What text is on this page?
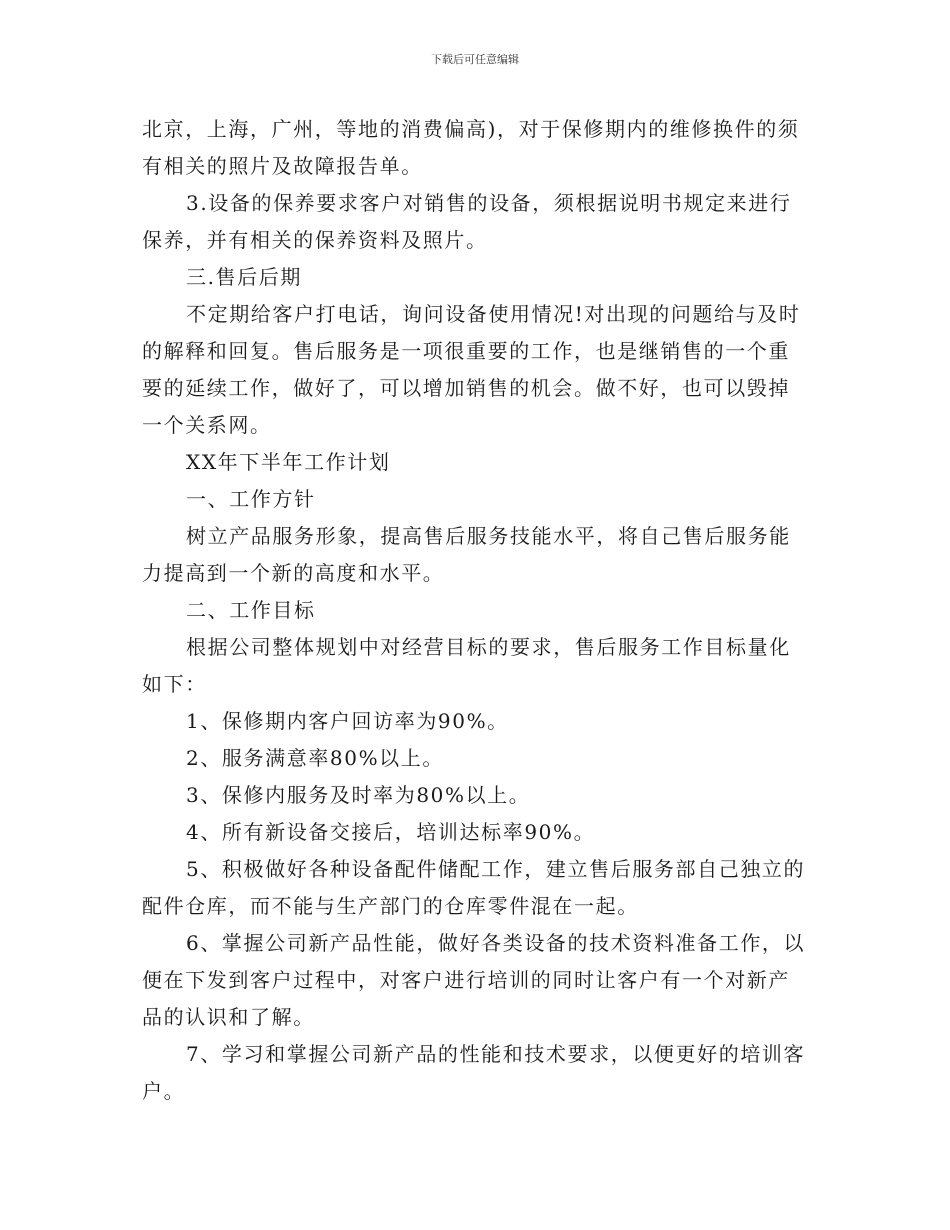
下载后可任意编辑

北京，上海，广州，等地的消费偏高)，对于保修期内的维修换件的须
有相关的照片及故障报告单。

3.设备的保养要求客户对销售的设备，须根据说明书规定来进行
保养，并有相关的保养资料及照片。

三.售后后期

不定期给客户打电话，询问设备使用情况!对出现的问题给与及时
的解释和回复。售后服务是一项很重要的工作，也是继销售的一个重
要的延续工作，做好了，可以增加销售的机会。做不好，也可以毁掉
一个关系网。

XX年下半年工作计划

一、工作方针

树立产品服务形象，提高售后服务技能水平，将自己售后服务能
力提高到一个新的高度和水平。

二、工作目标

根据公司整体规划中对经营目标的要求，售后服务工作目标量化
如下：

1、保修期内客户回访率为90%。

2、服务满意率80%以上。

3、保修内服务及时率为80%以上。

4、所有新设备交接后，培训达标率90%。

5、积极做好各种设备配件储配工作，建立售后服务部自己独立的
配件仓库，而不能与生产部门的仓库零件混在一起。

6、掌握公司新产品性能，做好各类设备的技术资料准备工作，以
便在下发到客户过程中，对客户进行培训的同时让客户有一个对新产
品的认识和了解。

7、学习和掌握公司新产品的性能和技术要求，以便更好的培训客
户。
